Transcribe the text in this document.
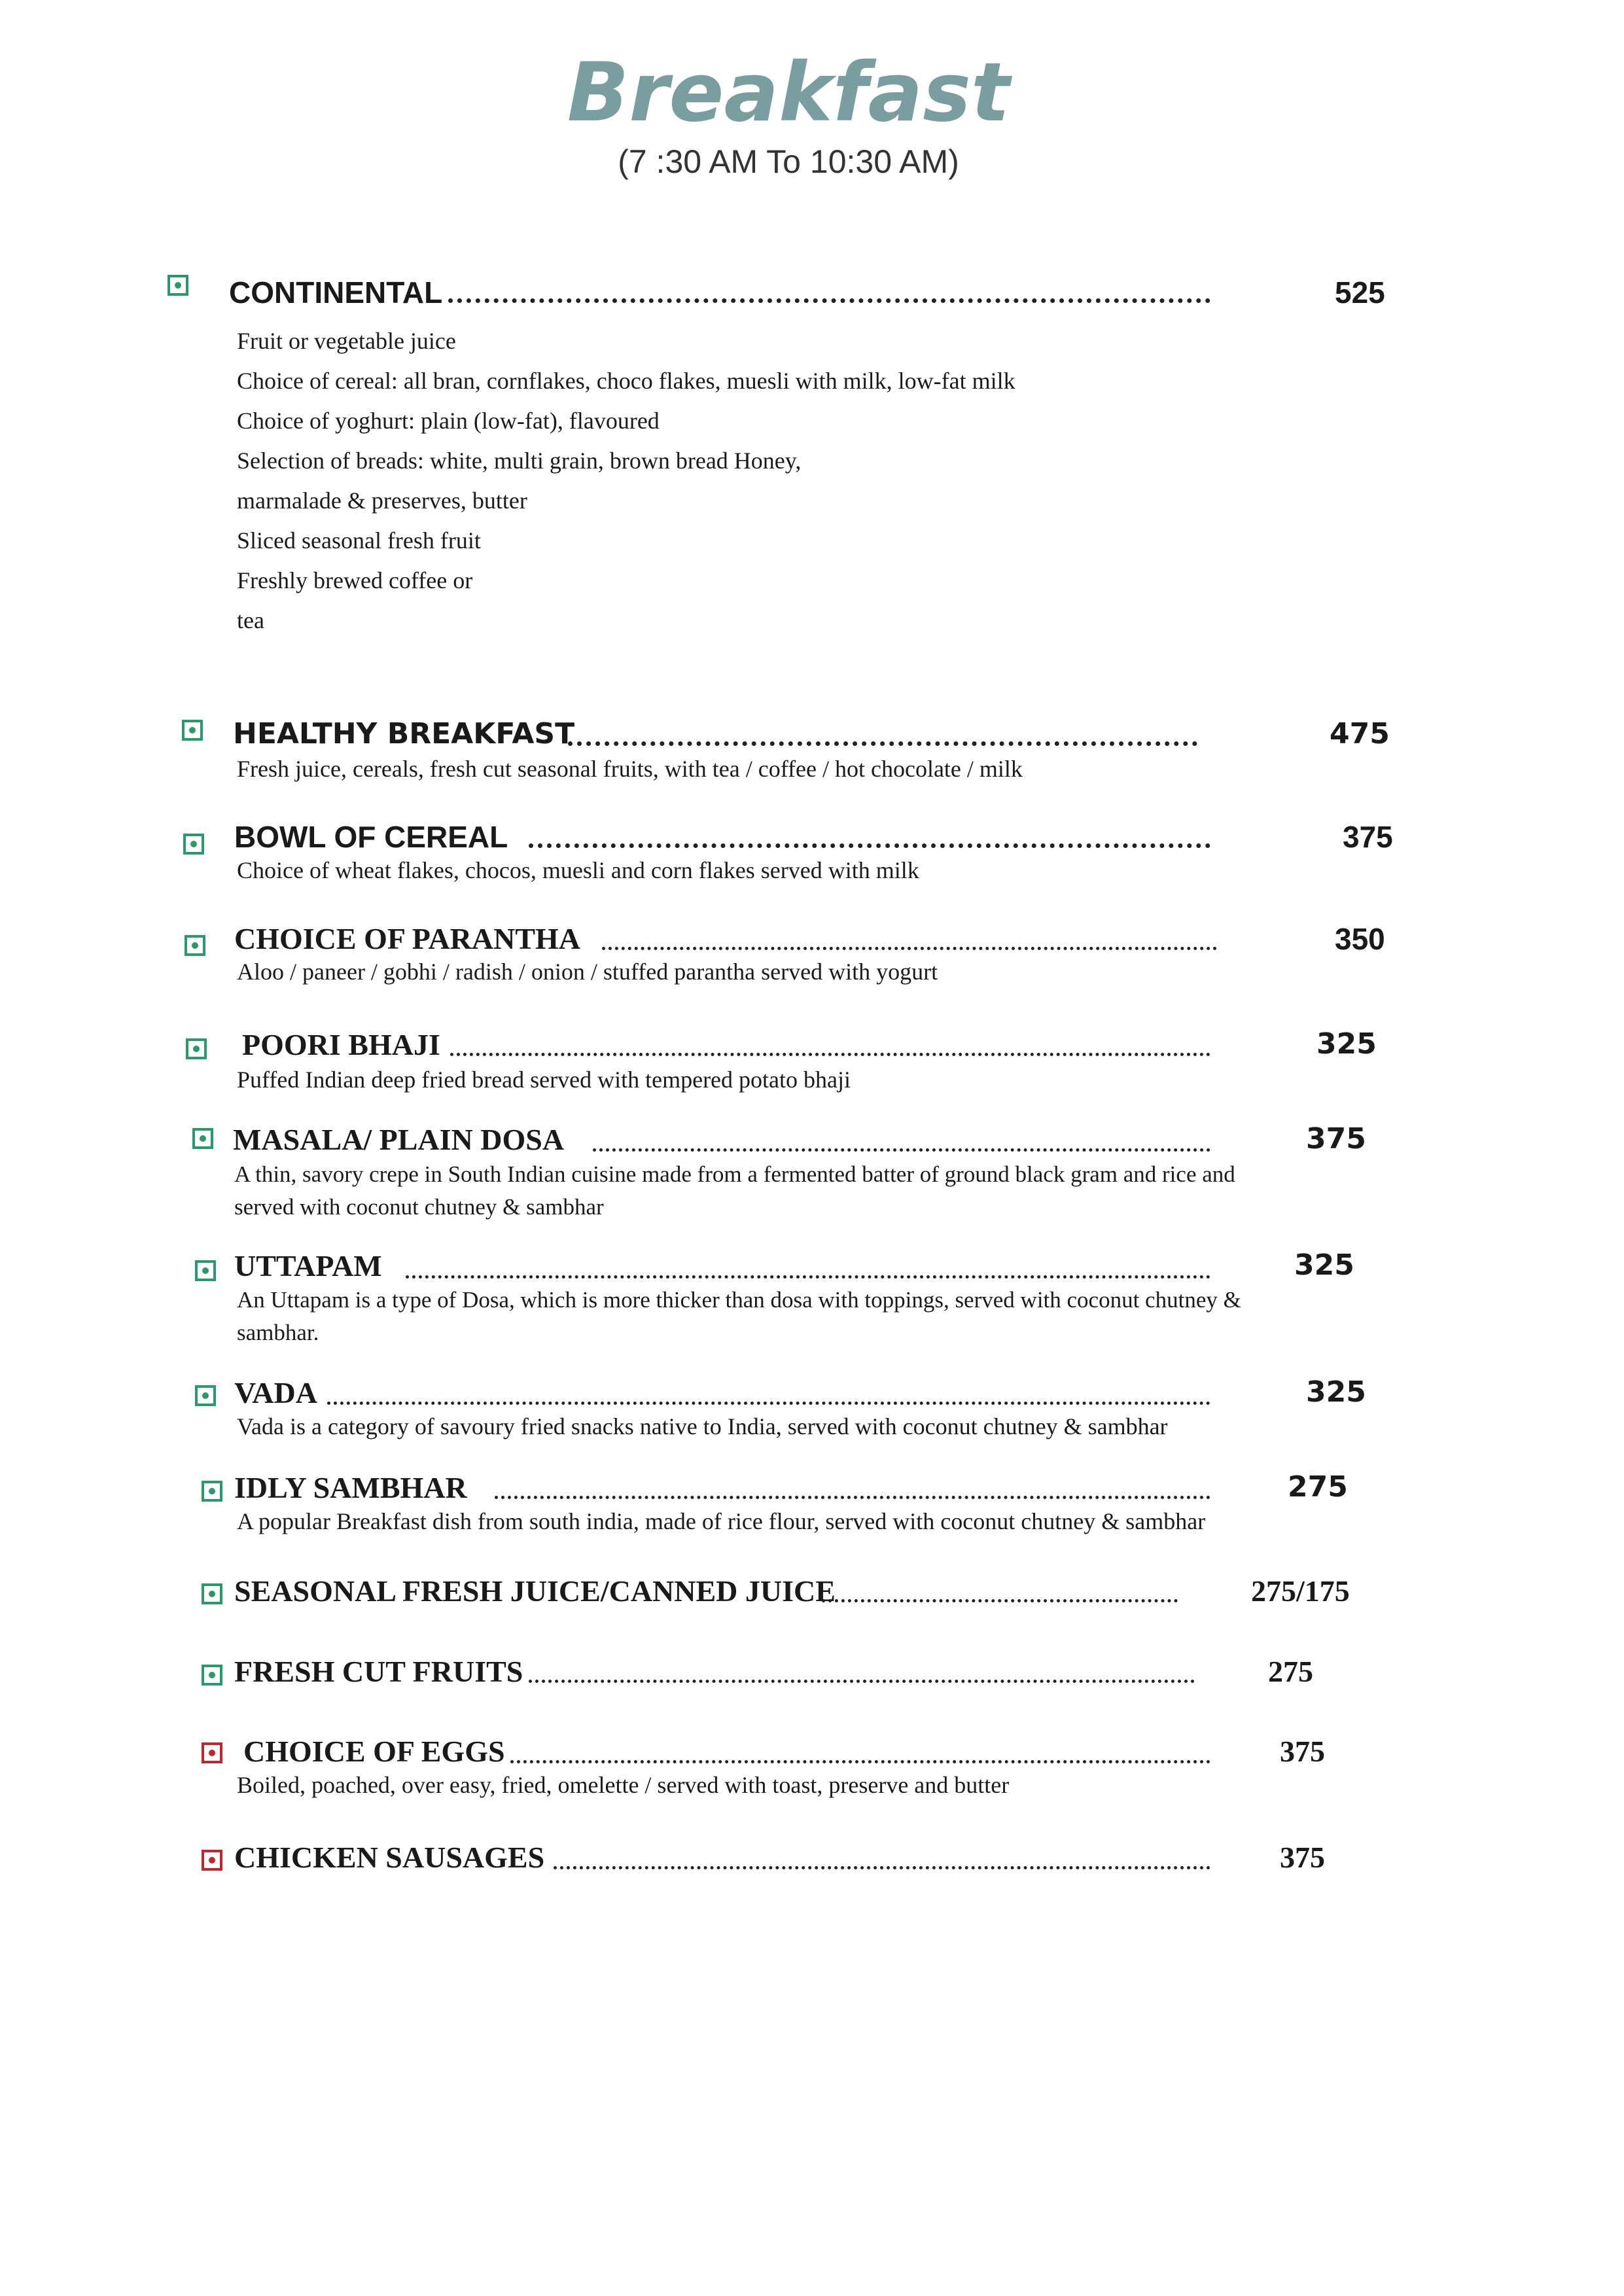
Breakfast
(7 :30 AM To 10:30 AM)
CONTINENTAL	525
Fruit or vegetable juice
Choice of cereal: all bran, cornflakes, choco flakes, muesli with milk, low-fat milk
Choice of yoghurt: plain (low-fat), flavoured
Selection of breads: white, multi grain, brown bread Honey,
marmalade & preserves, butter
Sliced seasonal fresh fruit
Freshly brewed coffee or
tea
HEALTHY BREAKFAST	475
Fresh juice, cereals, fresh cut seasonal fruits, with tea / coffee / hot chocolate / milk
BOWL OF CEREAL	375
Choice of wheat flakes, chocos, muesli and corn flakes served with milk
CHOICE OF PARANTHA	350
Aloo / paneer / gobhi / radish / onion / stuffed parantha served with yogurt
POORI BHAJI	325
Puffed Indian deep fried bread served with tempered potato bhaji
MASALA/ PLAIN DOSA	375
A thin, savory crepe in South Indian cuisine made from a fermented batter of ground black gram and rice and
served with coconut chutney & sambhar
UTTAPAM	325
An Uttapam is a type of Dosa, which is more thicker than dosa with toppings, served with coconut chutney &
sambhar.
VADA	325
Vada is a category of savoury fried snacks native to India, served with coconut chutney & sambhar
IDLY SAMBHAR	275
A popular Breakfast dish from south india, made of rice flour, served with coconut chutney & sambhar
SEASONAL FRESH JUICE/CANNED JUICE	275/175
FRESH CUT FRUITS	275
CHOICE OF EGGS	375
Boiled, poached, over easy, fried, omelette / served with toast, preserve and butter
CHICKEN SAUSAGES	375
